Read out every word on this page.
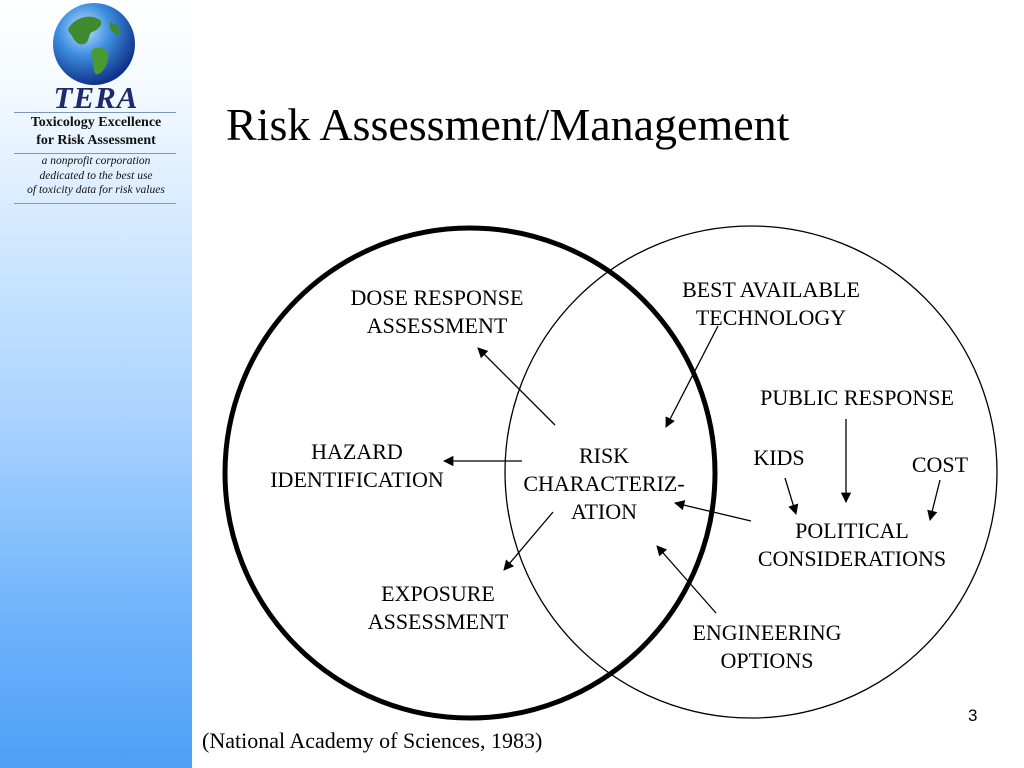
TERA
Toxicology Excellence
for Risk Assessment
a nonprofit corporation
dedicated to the best use
of toxicity data for risk values
Risk Assessment/Management
DOSE RESPONSE
ASSESSMENT
HAZARD
IDENTIFICATION
EXPOSURE
ASSESSMENT
RISK
CHARACTERIZ-
ATION
BEST AVAILABLE
TECHNOLOGY
PUBLIC RESPONSE
KIDS	COST
POLITICAL
CONSIDERATIONS
ENGINEERING
OPTIONS
3
(National Academy of Sciences, 1983)
